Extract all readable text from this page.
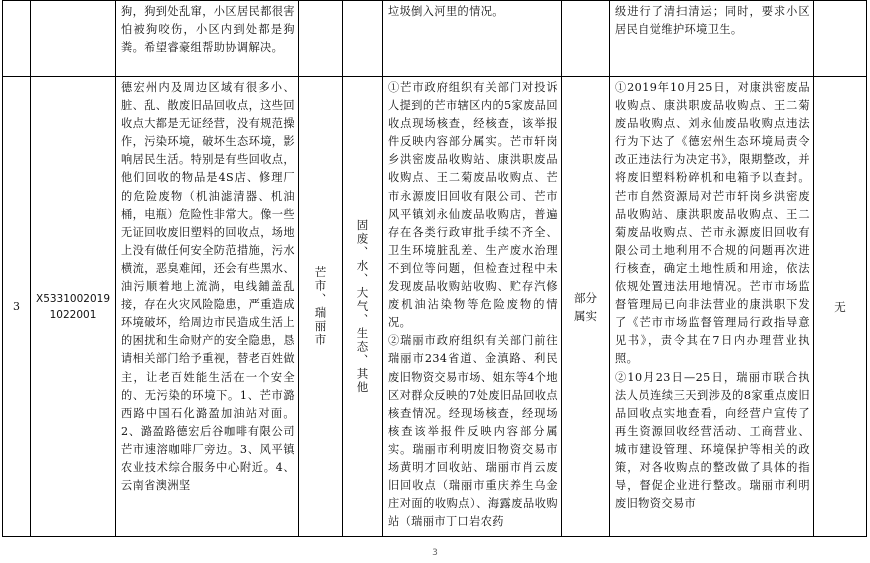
狗，狗到处乱窜，小区居民都很害怕被狗咬伤，小区内到处都是狗粪。希望睿豪组帮助协调解决。
垃圾倒入河里的情况。	级进行了清扫清运；同时，要求小区居民自觉维护环境卫生。
3
X5331002019 1022001
德宏州内及周边区域有很多小、脏、乱、散废旧品回收点，这些回收点大都是无证经营，没有规范操作，污染环境，破坏生态环境，影响居民生活。特别是有些回收点，他们回收的物品是4S店、修理厂的危险废物（机油滤清器、机油桶，电瓶）危险性非常大。像一些无证回收废旧塑料的回收点，场地上没有做任何安全防范措施，污水横流，恶臭难闻，还会有些黑水、油污顺着地上流淌，电线鋪盖乱接，存在火灾风险隐患，严重造成环境破坏，给周边市民造成生活上的困扰和生命财产的安全隐患，恳请相关部门给予重视，替老百姓做主，让老百姓能生活在一个安全的、无污染的环境下。1、芒市潞西路中国石化潞盈加油站对面。2、潞盈路德宏后谷咖啡有限公司芒市速溶咖啡厂旁边。3、风平镇农业技术综合服务中心附近。4、云南省澳洲坚
芒市、瑞丽市 固废、水、大气、生态、其他
①芒市政府组织有关部门对投诉人提到的芒市辖区内的5家废品回收点现场核查，经核查，该举报件反映内容部分属实。芒市轩岗乡洪密废品收购站、康洪职废品收购点、王二菊废品收购点、芒市永源废旧回收有限公司、芒市风平镇刘永仙废品收购店，普遍存在各类行政审批手续不齐全、卫生环境脏乱差、生产废水治理不到位等问题，但检查过程中未发现废品收购站收购、贮存汽修废机油沾染物等危险废物的情况。
②瑞丽市政府组织有关部门前往瑞丽市234省道、金滇路、利民废旧物资交易市场、姐东等4个地区对群众反映的7处废旧品回收点核查情况。经现场核查，经现场核查该举报件反映内容部分属实。瑞丽市利明废旧物资交易市场黄明才回收站、瑞丽市肖云废旧回收点（瑞丽市重庆养生乌金庄对面的收购点）、海露废品收购站（瑞丽市丁口岩农药
部分属实
①2019年10月25日，对康洪密废品收购点、康洪职废品收购点、王二菊废品收购点、刘永仙废品收购点违法行为下达了《德宏州生态环境局责令改正违法行为决定书》，限期整改，并将废旧塑料粉碎机和电箱予以查封。芒市自然资源局对芒市轩岗乡洪密废品收购站、康洪职废品收购点、王二菊废品收购点、芒市永源废旧回收有限公司土地利用不合规的问题再次进行核查，确定土地性质和用途，依法依规处置违法用地情况。芒市市场监督管理局已向非法营业的康洪职下发了《芒市市场监督管理局行政指导意见书》，责令其在7日内办理营业执照。
②10月23日—25日，瑞丽市联合执法人员连续三天到涉及的8家重点废旧品回收点实地查看，向经营户宣传了再生资源回收经营活动、工商营业、城市建设管理、环境保护等相关的政策，对各收购点的整改做了具体的指导，督促企业进行整改。瑞丽市利明废旧物资交易市
无
3
